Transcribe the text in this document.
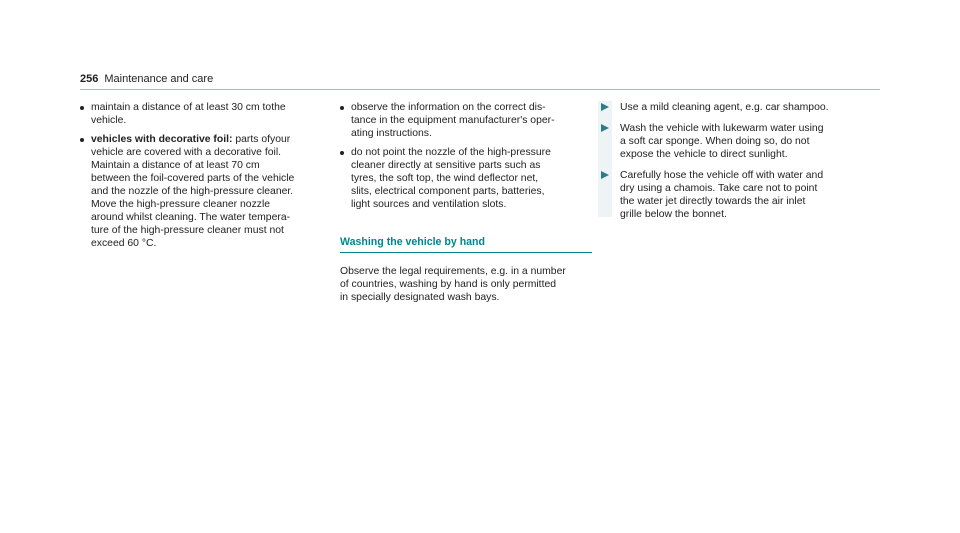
256 Maintenance and care
maintain a distance of at least 30 cm tothe
vehicle.
vehicles with decorative foil: parts ofyour
vehicle are covered with a decorative foil.
Maintain a distance of at least 70 cm
between the foil-covered parts of the vehicle
and the nozzle of the high-pressure cleaner.
Move the high-pressure cleaner nozzle
around whilst cleaning. The water tempera‐
ture of the high-pressure cleaner must not
exceed 60 °C.
observe the information on the correct dis‐
tance in the equipment manufacturer's oper‐
ating instructions.
do not point the nozzle of the high-pressure
cleaner directly at sensitive parts such as
tyres, the soft top, the wind deflector net,
slits, electrical component parts, batteries,
light sources and ventilation slots.
Washing the vehicle by hand
Observe the legal requirements, e.g. in a number
of countries, washing by hand is only permitted
in specially designated wash bays.
Use a mild cleaning agent, e.g. car shampoo.
Wash the vehicle with lukewarm water using
a soft car sponge. When doing so, do not
expose the vehicle to direct sunlight.
Carefully hose the vehicle off with water and
dry using a chamois. Take care not to point
the water jet directly towards the air inlet
grille below the bonnet.
